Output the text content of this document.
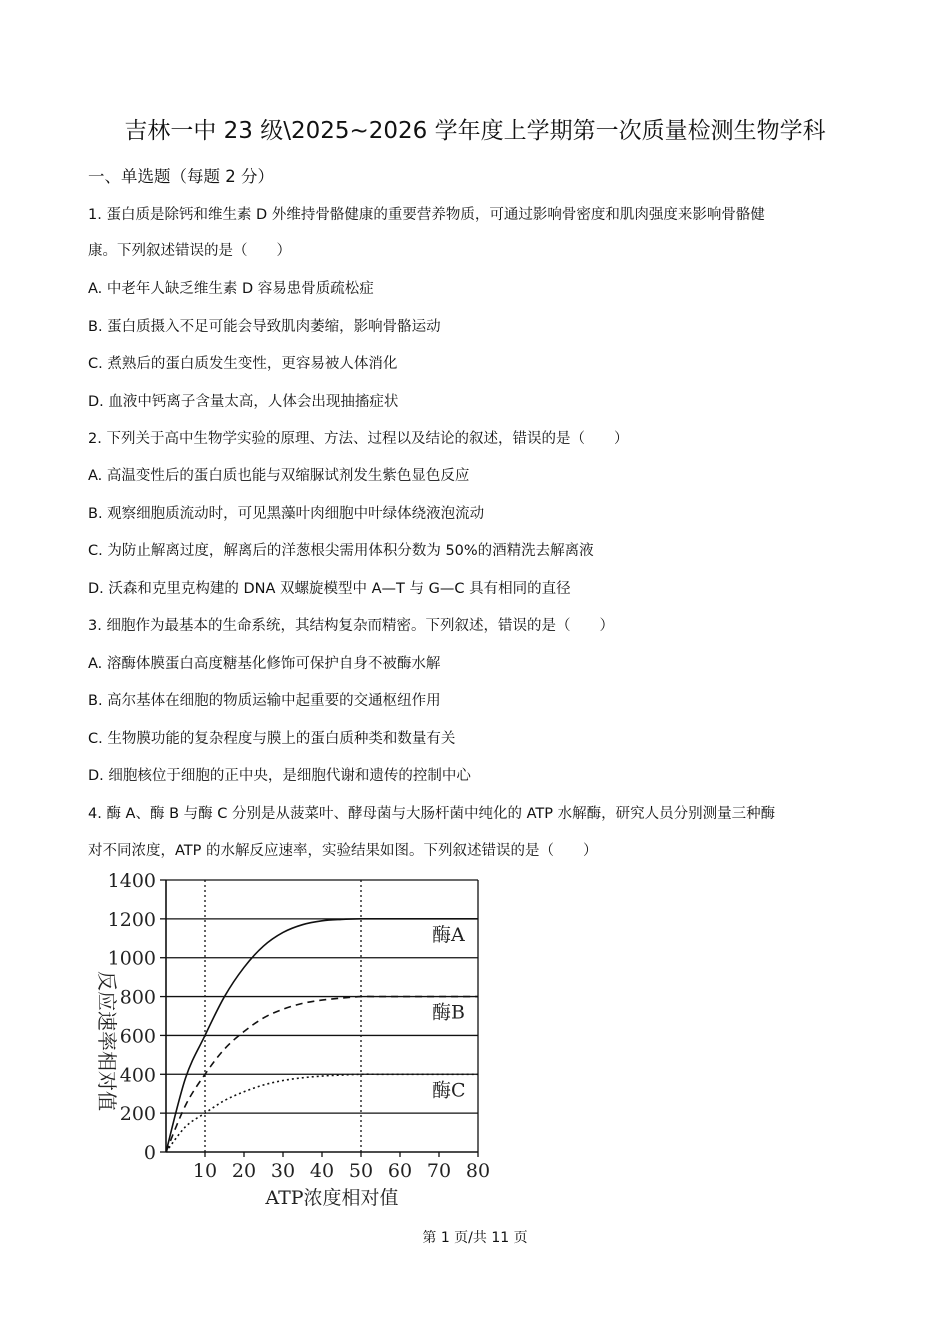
吉林一中 23 级\2025~2026 学年度上学期第一次质量检测生物学科
一、单选题（每题 2 分）
1. 蛋白质是除钙和维生素 D 外维持骨骼健康的重要营养物质，可通过影响骨密度和肌肉强度来影响骨骼健
康。下列叙述错误的是（　　）
A. 中老年人缺乏维生素 D 容易患骨质疏松症
B. 蛋白质摄入不足可能会导致肌肉萎缩，影响骨骼运动
C. 煮熟后的蛋白质发生变性，更容易被人体消化
D. 血液中钙离子含量太高，人体会出现抽搐症状
2. 下列关于高中生物学实验的原理、方法、过程以及结论的叙述，错误的是（　　）
A. 高温变性后的蛋白质也能与双缩脲试剂发生紫色显色反应
B. 观察细胞质流动时，可见黑藻叶肉细胞中叶绿体绕液泡流动
C. 为防止解离过度，解离后的洋葱根尖需用体积分数为 50%的酒精洗去解离液
D. 沃森和克里克构建的 DNA 双螺旋模型中 A—T 与 G—C 具有相同的直径
3. 细胞作为最基本的生命系统，其结构复杂而精密。下列叙述，错误的是（　　）
A. 溶酶体膜蛋白高度糖基化修饰可保护自身不被酶水解
B. 高尔基体在细胞的物质运输中起重要的交通枢纽作用
C. 生物膜功能的复杂程度与膜上的蛋白质种类和数量有关
D. 细胞核位于细胞的正中央，是细胞代谢和遗传的控制中心
4. 酶 A、酶 B 与酶 C 分别是从菠菜叶、酵母菌与大肠杆菌中纯化的 ATP 水解酶，研究人员分别测量三种酶
对不同浓度，ATP 的水解反应速率，实验结果如图。下列叙述错误的是（　　）
0
200
400
600
800
1000
1200
1400
10 20 30 40 50 60 70 80
酶A
酶B
酶C
ATP浓度相对值
反应速率相对值
第 1 页/共 11 页
